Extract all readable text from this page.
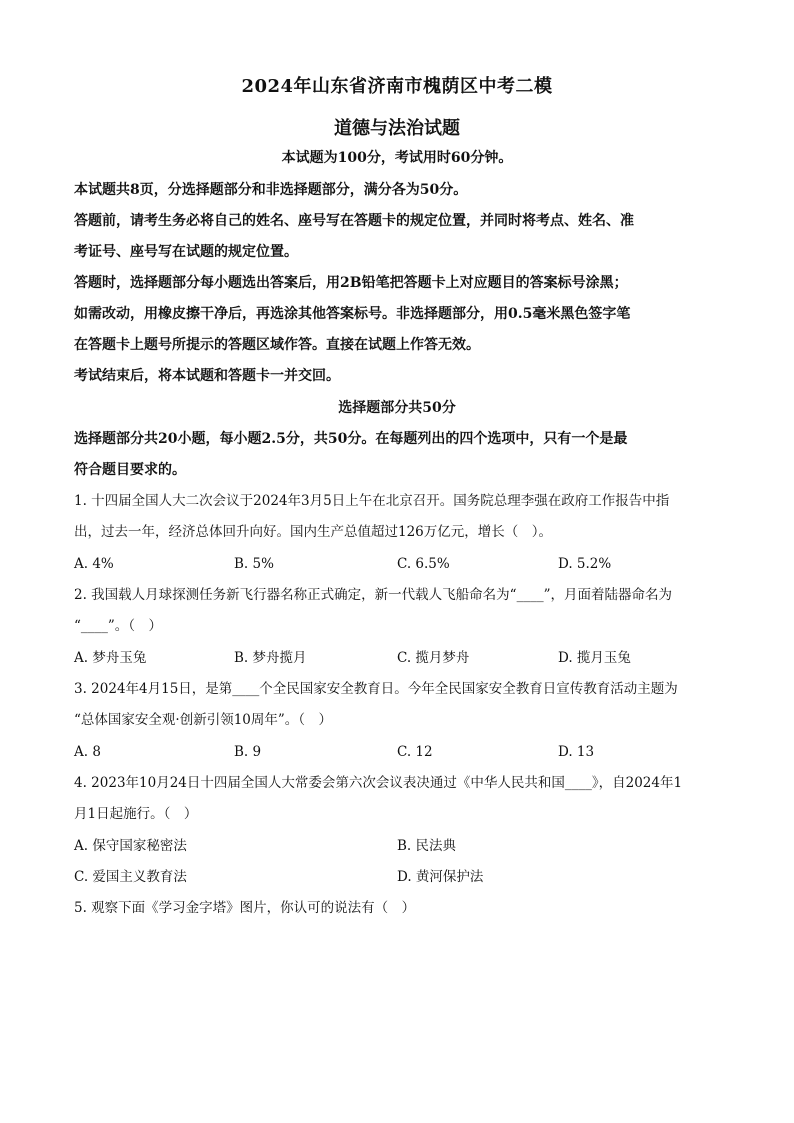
2024年山东省济南市槐荫区中考二模
道德与法治试题
本试题为100分，考试用时60分钟。
本试题共8页，分选择题部分和非选择题部分，满分各为50分。
答题前，请考生务必将自己的姓名、座号写在答题卡的规定位置，并同时将考点、姓名、准
考证号、座号写在试题的规定位置。
答题时，选择题部分每小题选出答案后，用2B铅笔把答题卡上对应题目的答案标号涂黑；
如需改动，用橡皮擦干净后，再选涂其他答案标号。非选择题部分，用0.5毫米黑色签字笔
在答题卡上题号所提示的答题区域作答。直接在试题上作答无效。
考试结束后，将本试题和答题卡一并交回。
选择题部分共50分
选择题部分共20小题，每小题2.5分，共50分。在每题列出的四个选项中，只有一个是最
符合题目要求的。
1. 十四届全国人大二次会议于2024年3月5日上午在北京召开。国务院总理李强在政府工作报告中指
出，过去一年，经济总体回升向好。国内生产总值超过126万亿元，增长（　）。
A. 4%	B. 5%	C. 6.5%	D. 5.2%
2. 我国载人月球探测任务新飞行器名称正式确定，新一代载人飞船命名为“____”，月面着陆器命名为
“____”。（　）
A. 梦舟玉兔	B. 梦舟揽月	C. 揽月梦舟	D. 揽月玉兔
3. 2024年4月15日，是第____个全民国家安全教育日。今年全民国家安全教育日宣传教育活动主题为
“总体国家安全观·创新引领10周年”。（　）
A. 8	B. 9	C. 12	D. 13
4. 2023年10月24日十四届全国人大常委会第六次会议表决通过《中华人民共和国____》，自2024年1
月1日起施行。（　）
A. 保守国家秘密法	B. 民法典
C. 爱国主义教育法	D. 黄河保护法
5. 观察下面《学习金字塔》图片，你认可的说法有（　）
